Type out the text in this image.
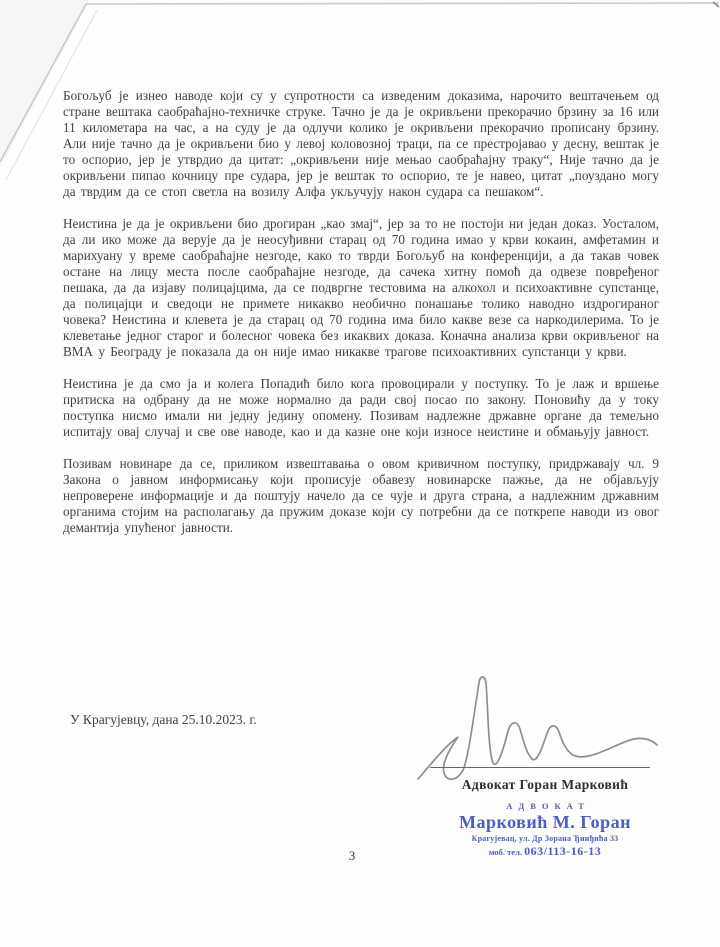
Богољуб је изнео наводе који су у супротности са изведеним доказима, нарочито вештачењем од стране вештака саобраћајно-техничке струке. Тачно је да је окривљени прекорачио брзину за 16 или 11 километара на час, а на суду је да одлучи колико је окривљени прекорачио прописану брзину. Али није тачно да је окривљени био у левој коловозној траци, па се престројавао у десну, вештак је то оспорио, јер је утврдио да цитат: „окривљени није мењао саобраћајну траку“, Није тачно да је окривљени пипао кочницу пре судара, јер је вештак то оспорио, те је навео, цитат „поуздано могу да тврдим да се стоп светла на возилу Алфа укључују након судара са пешаком“.

Неистина је да је окривљени био дрогиран „као змај“, јер за то не постоји ни један доказ. Уосталом, да ли ико може да верује да је неосуђивни старац од 70 година имао у крви кокаин, амфетамин и марихуану у време саобраћајне незгоде, како то тврди Богољуб на конференцији, а да такав човек остане на лицу места после саобраћајне незгоде, да сачека хитну помоћ да одвезе повређеног пешака, да да изјаву полицајцима, да се подвргне тестовима на алкохол и психоактивне супстанце, да полицајци и сведоци не примете никакво необично понашање толико наводно издрогираног човека? Неистина и клевета је да старац од 70 година има било какве везе са наркодилерима. То је клеветање једног старог и болесног човека без икаквих доказа. Коначна анализа крви окривљеног на ВМА у Београду је показала да он није имао никакве трагове психоактивних супстанци у крви.

Неистина је да смо ја и колега Попадић било кога провоцирали у поступку. То је лаж и вршење притиска на одбрану да не може нормално да ради свој посао по закону. Поновићу да у току поступка нисмо имали ни једну једину опомену. Позивам надлежне државне органе да темељно испитају овај случај и све ове наводе, као и да казне оне који износе неистине и обмањују јавност.

Позивам новинаре да се, приликом извештавања о овом кривичном поступку, придржавају чл. 9 Закона о јавном информисању који прописује обавезу новинарске пажње, да не објављују непроверене информације и да поштују начело да се чује и друга страна, а надлежним државним органима стојим на располагању да пружим доказе који су потребни да се поткрепе наводи из овог демантија упућеног јавности.

У Крагујевцу, дана 25.10.2023. г.
Адвокат Горан Марковић
АДВОКАТ
Марковић М. Горан
Крагујевац, ул. Др Зорана Ђинђића 33
моб. тел. 063/113-16-13
3
